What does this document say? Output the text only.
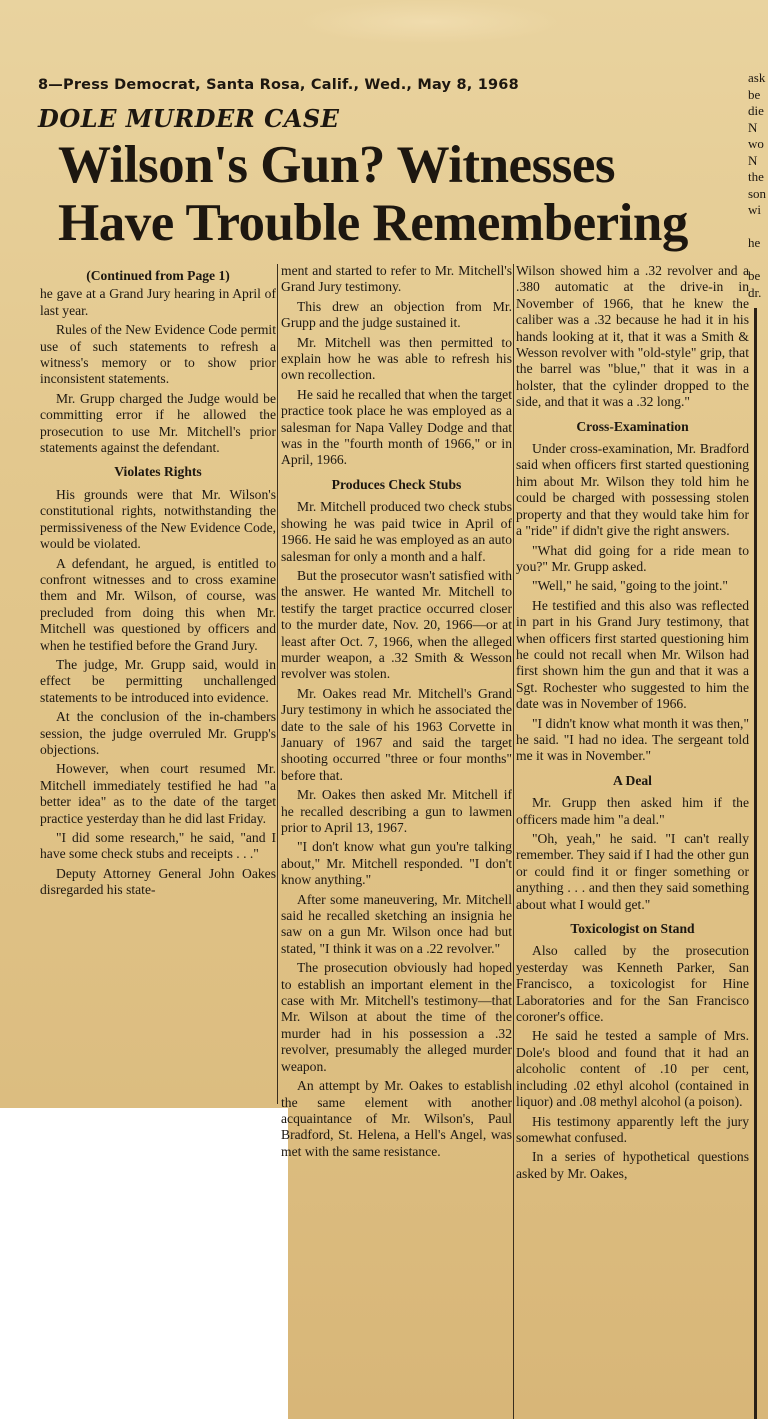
8—Press Democrat, Santa Rosa, Calif., Wed., May 8, 1968
DOLE MURDER CASE
Wilson's Gun? Witnesses
Have Trouble Remembering
ask
be
die
N
wo
N
the
son
wi
he
be
dr.

(Continued from Page 1)

he gave at a Grand Jury hearing in April of last year.

Rules of the New Evidence Code permit use of such statements to refresh a witness's memory or to show prior inconsistent statements.

Mr. Grupp charged the Judge would be committing error if he allowed the prosecution to use Mr. Mitchell's prior statements against the defendant.

Violates Rights

His grounds were that Mr. Wilson's constitutional rights, notwithstanding the permissiveness of the New Evidence Code, would be violated.

A defendant, he argued, is entitled to confront witnesses and to cross examine them and Mr. Wilson, of course, was precluded from doing this when Mr. Mitchell was questioned by officers and when he testified before the Grand Jury.

The judge, Mr. Grupp said, would in effect be permitting unchallenged statements to be introduced into evidence.

At the conclusion of the in-chambers session, the judge overruled Mr. Grupp's objections.

However, when court resumed Mr. Mitchell immediately testified he had "a better idea" as to the date of the target practice yesterday than he did last Friday.

"I did some research," he said, "and I have some check stubs and receipts . . ."

Deputy Attorney General John Oakes disregarded his state-

ment and started to refer to Mr. Mitchell's Grand Jury testimony.

This drew an objection from Mr. Grupp and the judge sustained it.

Mr. Mitchell was then permitted to explain how he was able to refresh his own recollection.

He said he recalled that when the target practice took place he was employed as a salesman for Napa Valley Dodge and that was in the "fourth month of 1966," or in April, 1966.

Produces Check Stubs

Mr. Mitchell produced two check stubs showing he was paid twice in April of 1966. He said he was employed as an auto salesman for only a month and a half.

But the prosecutor wasn't satisfied with the answer. He wanted Mr. Mitchell to testify the target practice occurred closer to the murder date, Nov. 20, 1966—or at least after Oct. 7, 1966, when the alleged murder weapon, a .32 Smith & Wesson revolver was stolen.

Mr. Oakes read Mr. Mitchell's Grand Jury testimony in which he associated the date to the sale of his 1963 Corvette in January of 1967 and said the target shooting occurred "three or four months" before that.

Mr. Oakes then asked Mr. Mitchell if he recalled describing a gun to lawmen prior to April 13, 1967.

"I don't know what gun you're talking about," Mr. Mitchell responded. "I don't know anything."

After some maneuvering, Mr. Mitchell said he recalled sketching an insignia he saw on a gun Mr. Wilson once had but stated, "I think it was on a .22 revolver."

The prosecution obviously had hoped to establish an important element in the case with Mr. Mitchell's testimony—that Mr. Wilson at about the time of the murder had in his possession a .32 revolver, presumably the alleged murder weapon.

An attempt by Mr. Oakes to establish the same element with another acquaintance of Mr. Wilson's, Paul Bradford, St. Helena, a Hell's Angel, was met with the same resistance.

Wilson showed him a .32 revolver and a .380 automatic at the drive-in in November of 1966, that he knew the caliber was a .32 because he had it in his hands looking at it, that it was a Smith & Wesson revolver with "old-style" grip, that the barrel was "blue," that it was in a holster, that the cylinder dropped to the side, and that it was a .32 long."

Cross-Examination

Under cross-examination, Mr. Bradford said when officers first started questioning him about Mr. Wilson they told him he could be charged with possessing stolen property and that they would take him for a "ride" if didn't give the right answers.

"What did going for a ride mean to you?" Mr. Grupp asked.

"Well," he said, "going to the joint."

He testified and this also was reflected in part in his Grand Jury testimony, that when officers first started questioning him he could not recall when Mr. Wilson had first shown him the gun and that it was a Sgt. Rochester who suggested to him the date was in November of 1966.

"I didn't know what month it was then," he said. "I had no idea. The sergeant told me it was in November."

A Deal

Mr. Grupp then asked him if the officers made him "a deal."

"Oh, yeah," he said. "I can't really remember. They said if I had the other gun or could find it or finger something or anything . . . and then they said something about what I would get."

Toxicologist on Stand

Also called by the prosecution yesterday was Kenneth Parker, San Francisco, a toxicologist for Hine Laboratories and for the San Francisco coroner's office.

He said he tested a sample of Mrs. Dole's blood and found that it had an alcoholic content of .10 per cent, including .02 ethyl alcohol (contained in liquor) and .08 methyl alcohol (a poison).

His testimony apparently left the jury somewhat confused.

In a series of hypothetical questions asked by Mr. Oakes,
